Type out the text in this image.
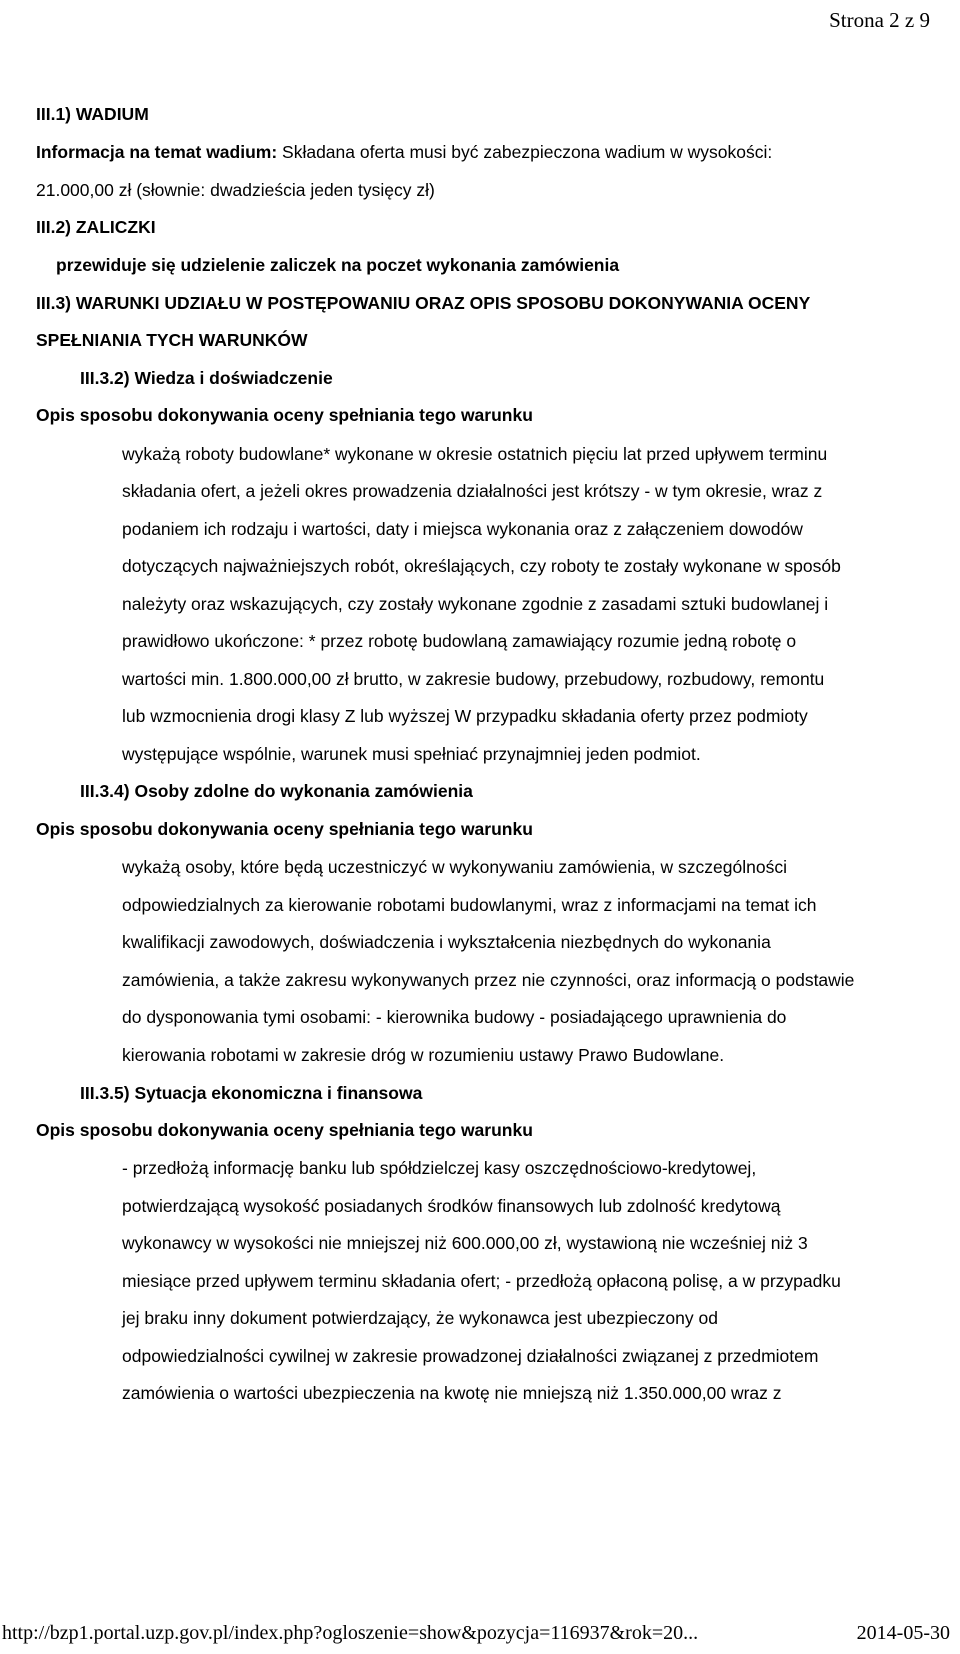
Strona 2 z 9
III.1) WADIUM
Informacja na temat wadium: Składana oferta musi być zabezpieczona wadium w wysokości:
21.000,00 zł (słownie: dwadzieścia jeden tysięcy zł)
III.2) ZALICZKI
przewiduje się udzielenie zaliczek na poczet wykonania zamówienia
III.3) WARUNKI UDZIAŁU W POSTĘPOWANIU ORAZ OPIS SPOSOBU DOKONYWANIA OCENY
SPEŁNIANIA TYCH WARUNKÓW
III.3.2) Wiedza i doświadczenie
Opis sposobu dokonywania oceny spełniania tego warunku
wykażą roboty budowlane* wykonane w okresie ostatnich pięciu lat przed upływem terminu
składania ofert, a jeżeli okres prowadzenia działalności jest krótszy - w tym okresie, wraz z
podaniem ich rodzaju i wartości, daty i miejsca wykonania oraz z załączeniem dowodów
dotyczących najważniejszych robót, określających, czy roboty te zostały wykonane w sposób
należyty oraz wskazujących, czy zostały wykonane zgodnie z zasadami sztuki budowlanej i
prawidłowo ukończone: * przez robotę budowlaną zamawiający rozumie jedną robotę o
wartości min. 1.800.000,00 zł brutto, w zakresie budowy, przebudowy, rozbudowy, remontu
lub wzmocnienia drogi klasy Z lub wyższej W przypadku składania oferty przez podmioty
występujące wspólnie, warunek musi spełniać przynajmniej jeden podmiot.
III.3.4) Osoby zdolne do wykonania zamówienia
Opis sposobu dokonywania oceny spełniania tego warunku
wykażą osoby, które będą uczestniczyć w wykonywaniu zamówienia, w szczególności
odpowiedzialnych za kierowanie robotami budowlanymi, wraz z informacjami na temat ich
kwalifikacji zawodowych, doświadczenia i wykształcenia niezbędnych do wykonania
zamówienia, a także zakresu wykonywanych przez nie czynności, oraz informacją o podstawie
do dysponowania tymi osobami: - kierownika budowy - posiadającego uprawnienia do
kierowania robotami w zakresie dróg w rozumieniu ustawy Prawo Budowlane.
III.3.5) Sytuacja ekonomiczna i finansowa
Opis sposobu dokonywania oceny spełniania tego warunku
- przedłożą informację banku lub spółdzielczej kasy oszczędnościowo-kredytowej,
potwierdzającą wysokość posiadanych środków finansowych lub zdolność kredytową
wykonawcy w wysokości nie mniejszej niż 600.000,00 zł, wystawioną nie wcześniej niż 3
miesiące przed upływem terminu składania ofert; - przedłożą opłaconą polisę, a w przypadku
jej braku inny dokument potwierdzający, że wykonawca jest ubezpieczony od
odpowiedzialności cywilnej w zakresie prowadzonej działalności związanej z przedmiotem
zamówienia o wartości ubezpieczenia na kwotę nie mniejszą niż 1.350.000,00 wraz z
http://bzp1.portal.uzp.gov.pl/index.php?ogloszenie=show&pozycja=116937&rok=20...	2014-05-30
